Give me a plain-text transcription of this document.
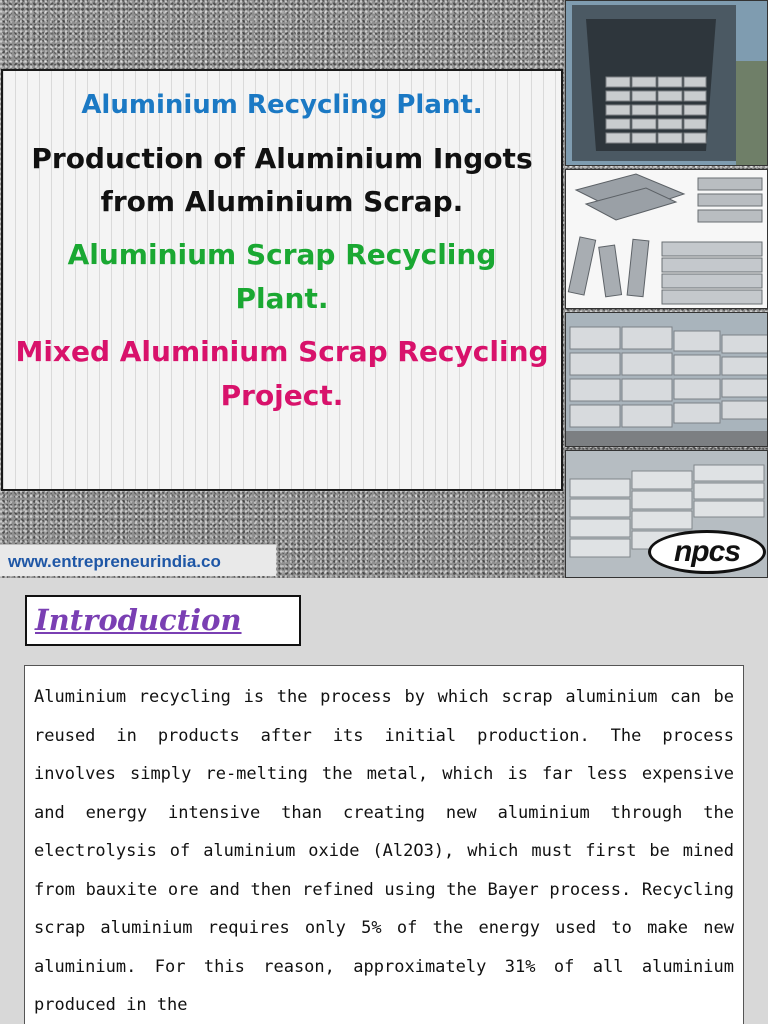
Aluminium Recycling Plant.
Production of Aluminium Ingots from Aluminium Scrap.
Aluminium Scrap Recycling Plant.
Mixed Aluminium Scrap Recycling Project.
www.entrepreneurindia.co	npcs
Introduction
Aluminium recycling is the process by which scrap aluminium can be reused in products after its initial production. The process involves simply re-melting the metal, which is far less expensive and energy intensive than creating new aluminium through the electrolysis of aluminium oxide (Al2O3), which must first be mined from bauxite ore and then refined using the Bayer process. Recycling scrap aluminium requires only 5% of the energy used to make new aluminium. For this reason, approximately 31% of all aluminium produced in the
